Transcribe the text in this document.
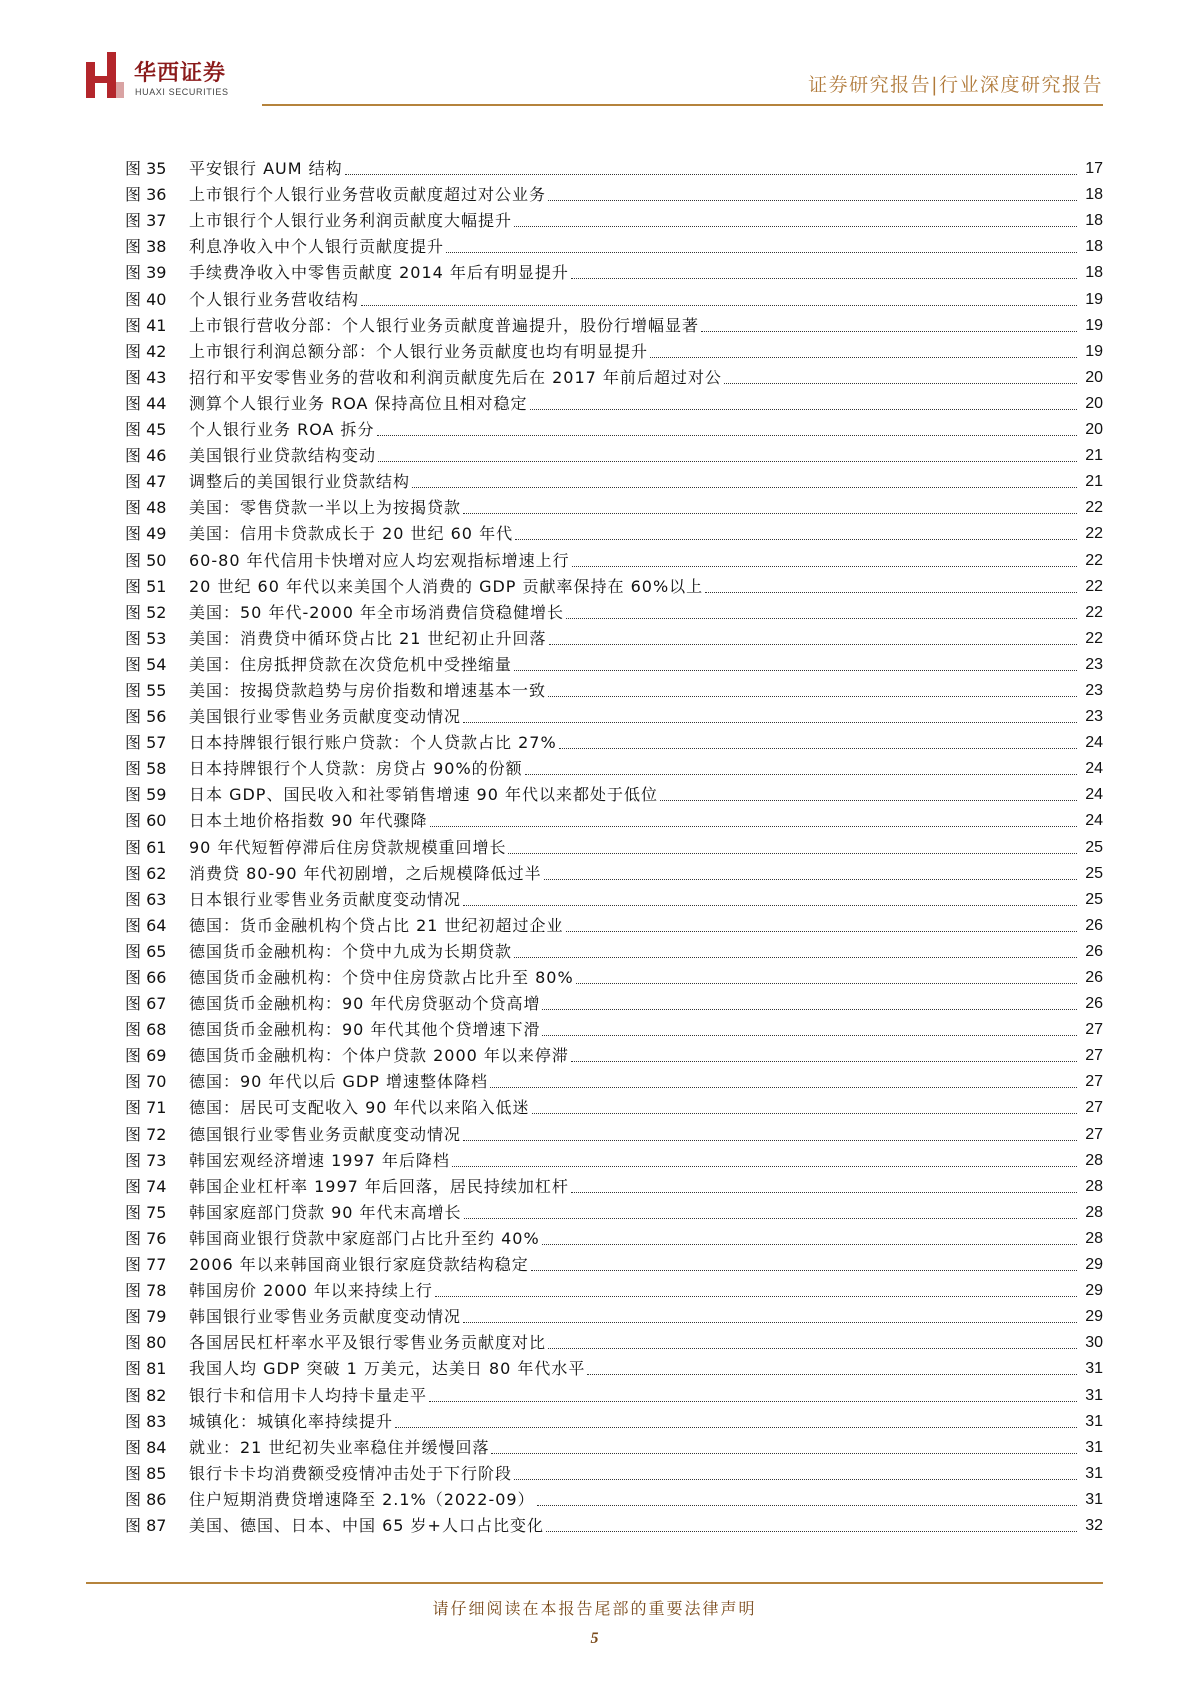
华西证券
HUAXI SECURITIES	证券研究报告|行业深度研究报告
图 35	平安银行 AUM 结构	17
图 36	上市银行个人银行业务营收贡献度超过对公业务	18
图 37	上市银行个人银行业务利润贡献度大幅提升	18
图 38	利息净收入中个人银行贡献度提升	18
图 39	手续费净收入中零售贡献度 2014 年后有明显提升	18
图 40	个人银行业务营收结构	19
图 41	上市银行营收分部：个人银行业务贡献度普遍提升，股份行增幅显著	19
图 42	上市银行利润总额分部：个人银行业务贡献度也均有明显提升	19
图 43	招行和平安零售业务的营收和利润贡献度先后在 2017 年前后超过对公	20
图 44	测算个人银行业务 ROA 保持高位且相对稳定	20
图 45	个人银行业务 ROA 拆分	20
图 46	美国银行业贷款结构变动	21
图 47	调整后的美国银行业贷款结构	21
图 48	美国：零售贷款一半以上为按揭贷款	22
图 49	美国：信用卡贷款成长于 20 世纪 60 年代	22
图 50	60-80 年代信用卡快增对应人均宏观指标增速上行	22
图 51	20 世纪 60 年代以来美国个人消费的 GDP 贡献率保持在 60%以上	22
图 52	美国：50 年代-2000 年全市场消费信贷稳健增长	22
图 53	美国：消费贷中循环贷占比 21 世纪初止升回落	22
图 54	美国：住房抵押贷款在次贷危机中受挫缩量	23
图 55	美国：按揭贷款趋势与房价指数和增速基本一致	23
图 56	美国银行业零售业务贡献度变动情况	23
图 57	日本持牌银行银行账户贷款：个人贷款占比 27%	24
图 58	日本持牌银行个人贷款：房贷占 90%的份额	24
图 59	日本 GDP、国民收入和社零销售增速 90 年代以来都处于低位	24
图 60	日本土地价格指数 90 年代骤降	24
图 61	90 年代短暂停滞后住房贷款规模重回增长	25
图 62	消费贷 80-90 年代初剧增，之后规模降低过半	25
图 63	日本银行业零售业务贡献度变动情况	25
图 64	德国：货币金融机构个贷占比 21 世纪初超过企业	26
图 65	德国货币金融机构：个贷中九成为长期贷款	26
图 66	德国货币金融机构：个贷中住房贷款占比升至 80%	26
图 67	德国货币金融机构：90 年代房贷驱动个贷高增	26
图 68	德国货币金融机构：90 年代其他个贷增速下滑	27
图 69	德国货币金融机构：个体户贷款 2000 年以来停滞	27
图 70	德国：90 年代以后 GDP 增速整体降档	27
图 71	德国：居民可支配收入 90 年代以来陷入低迷	27
图 72	德国银行业零售业务贡献度变动情况	27
图 73	韩国宏观经济增速 1997 年后降档	28
图 74	韩国企业杠杆率 1997 年后回落，居民持续加杠杆	28
图 75	韩国家庭部门贷款 90 年代末高增长	28
图 76	韩国商业银行贷款中家庭部门占比升至约 40%	28
图 77	2006 年以来韩国商业银行家庭贷款结构稳定	29
图 78	韩国房价 2000 年以来持续上行	29
图 79	韩国银行业零售业务贡献度变动情况	29
图 80	各国居民杠杆率水平及银行零售业务贡献度对比	30
图 81	我国人均 GDP 突破 1 万美元，达美日 80 年代水平	31
图 82	银行卡和信用卡人均持卡量走平	31
图 83	城镇化：城镇化率持续提升	31
图 84	就业：21 世纪初失业率稳住并缓慢回落	31
图 85	银行卡卡均消费额受疫情冲击处于下行阶段	31
图 86	住户短期消费贷增速降至 2.1%（2022-09）	31
图 87	美国、德国、日本、中国 65 岁+人口占比变化	32
请仔细阅读在本报告尾部的重要法律声明
5
